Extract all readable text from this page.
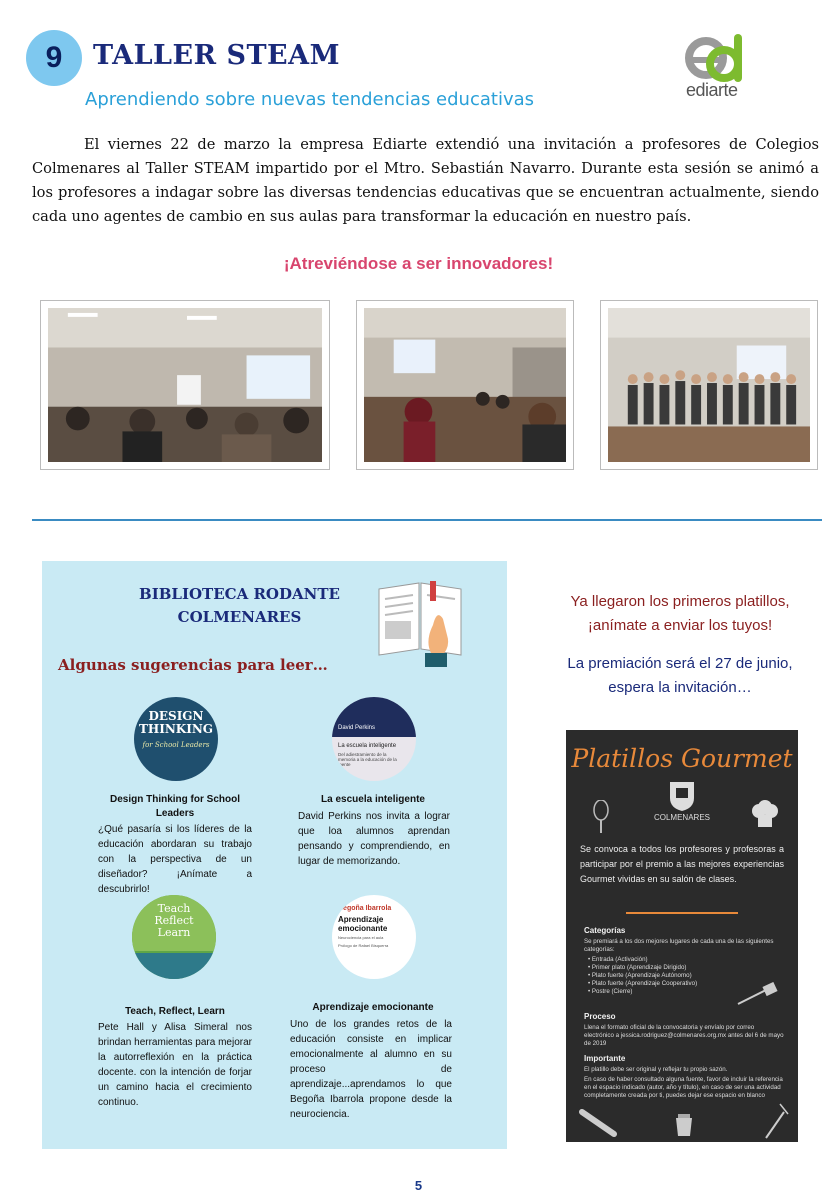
9	TALLER STEAM
Aprendiendo sobre nuevas tendencias educativas	ediarte

El viernes 22 de marzo la empresa Ediarte extendió una invitación a profesores de Colegios Colmenares al Taller STEAM impartido por el Mtro. Sebastián Navarro. Durante esta sesión se animó a los profesores a indagar sobre las diversas tendencias educativas que se encuentran actualmente, siendo cada uno agentes de cambio en sus aulas para transformar la educación en nuestro país.

¡Atreviéndose a ser innovadores!
BIBLIOTECA RODANTE
COLMENARES
Algunas sugerencias para leer…
DESIGN
THINKING
for School Leaders
Design Thinking for School Leaders
¿Qué pasaría si los líderes de la educación abordaran su trabajo con la perspectiva de un diseñador? ¡Anímate a descubrirlo!
David Perkins
La escuela inteligente
Del adiestramiento de la memoria a la educación de la mente
La escuela inteligente
David Perkins nos invita a lograr que loa alumnos aprendan pensando y comprendiendo, en lugar de memorizando.
Teach
Reflect
Learn
Teach, Reflect, Learn
Pete Hall y Alisa Simeral nos brindan herramientas para mejorar la autorreflexión en la práctica docente. con la intención de forjar un camino hacia el crecimiento continuo.
Begoña Ibarrola
Aprendizaje emocionante
Neurociencia para el aula
Prólogo de Rafael Bisquerra
Aprendizaje emocionante
Uno de los grandes retos de la educación consiste en implicar emocionalmente al alumno en su proceso de aprendizaje...aprendamos lo que Begoña Ibarrola propone desde la neurociencia.
Ya llegaron los primeros platillos,
¡anímate a enviar los tuyos!
La premiación será el 27 de junio,
espera la invitación…
Platillos Gourmet
COLMENARES
Se convoca a todos los profesores y profesoras a participar por el premio a las mejores experiencias Gourmet vividas en su salón de clases.
Categorías
Se premiará a los dos mejores lugares de cada una de las siguientes categorías:
• Entrada (Activación)
• Primer plato (Aprendizaje Dirigido)
• Plato fuerte (Aprendizaje Autónomo)
• Plato fuerte (Aprendizaje Cooperativo)
• Postre (Cierre)
Proceso
Llena el formato oficial de la convocatoria y envíalo por correo electrónico a jessica.rodriguez@colmenares.org.mx antes del 6 de mayo de 2019
Importante
El platillo debe ser original y reflejar tu propio sazón.
En caso de haber consultado alguna fuente, favor de incluir la referencia en el espacio indicado (autor, año y título), en caso de ser una actividad completamente creada por ti, puedes dejar ese espacio en blanco
5
